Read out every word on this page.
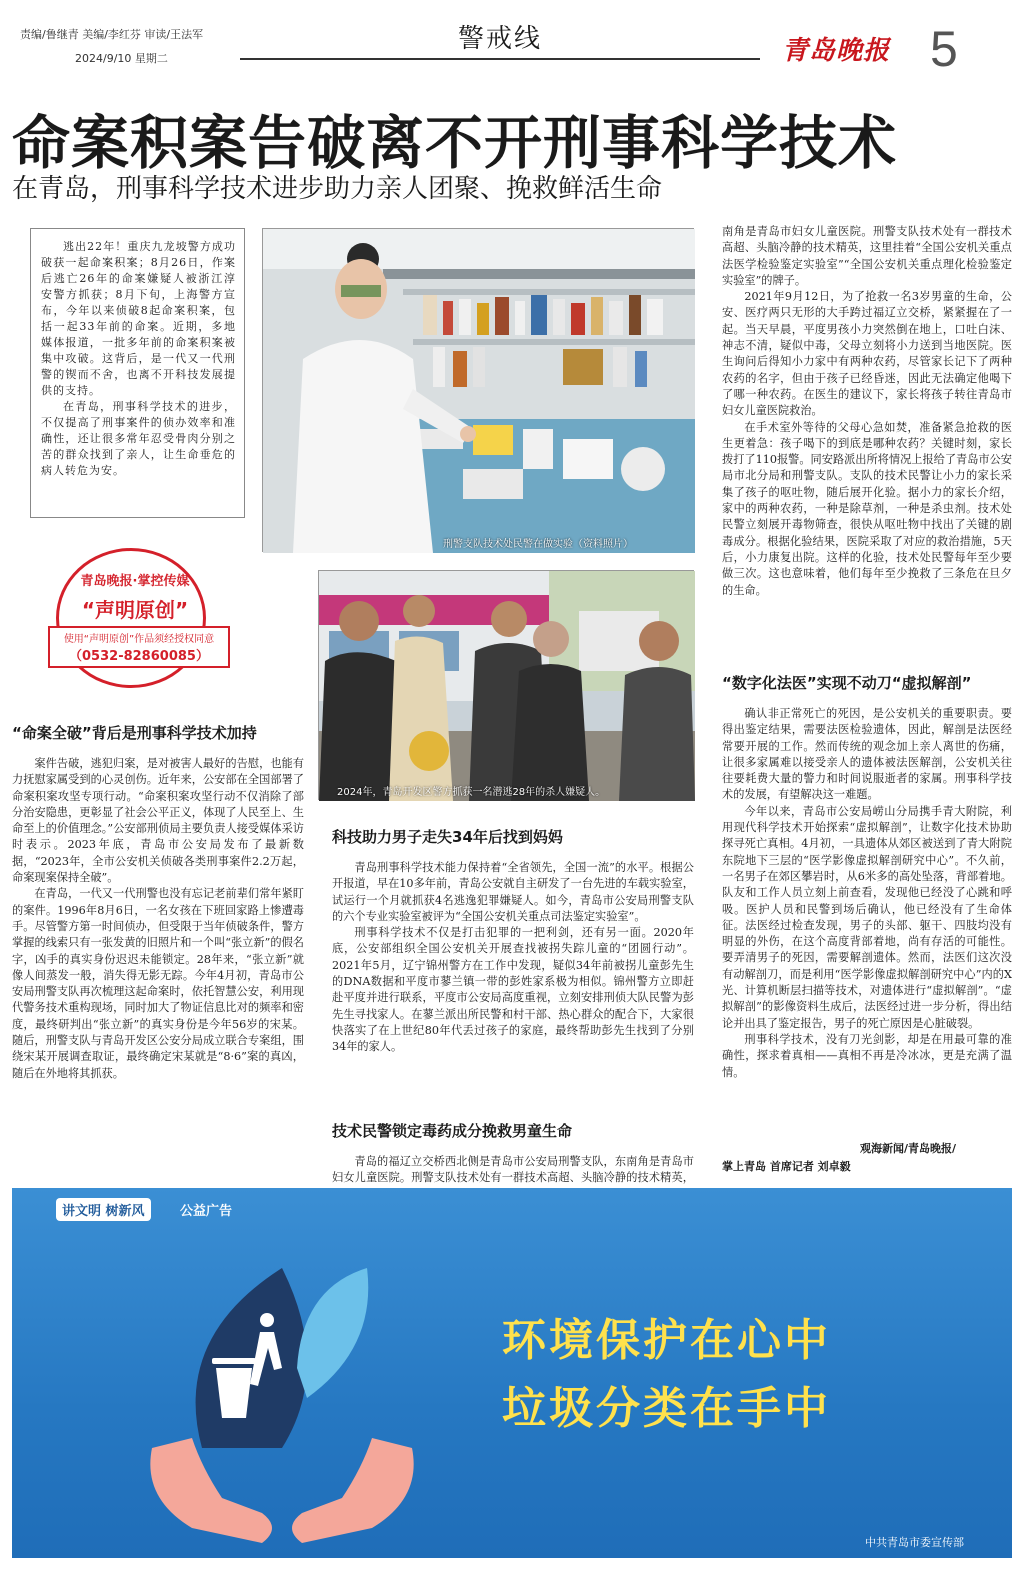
责编/鲁继青 美编/李红芬 审读/王法军
2024/9/10 星期二
警戒线	青岛晚报 5
命案积案告破离不开刑事科学技术
在青岛，刑事科学技术进步助力亲人团聚、挽救鲜活生命

逃出22年！重庆九龙坡警方成功破获一起命案积案；8月26日，作案后逃亡26年的命案嫌疑人被浙江淳安警方抓获；8月下旬，上海警方宣布，今年以来侦破8起命案积案，包括一起33年前的命案。近期，多地媒体报道，一批多年前的命案积案被集中攻破。这背后，是一代又一代刑警的锲而不舍，也离不开科技发展提供的支持。

在青岛，刑事科学技术的进步，不仅提高了刑事案件的侦办效率和准确性，还让很多常年忍受骨肉分别之苦的群众找到了亲人，让生命垂危的病人转危为安。

青岛晚报·掌控传媒
“声明原创”
使用“声明原创”作品须经授权同意
（0532-82860085）
刑警支队技术处民警在做实验（资料照片）
2024年，青岛开发区警方抓获一名潜逃28年的杀人嫌疑人。
“命案全破”背后是刑事科学技术加持

案件告破，逃犯归案，是对被害人最好的告慰，也能有力抚慰家属受到的心灵创伤。近年来，公安部在全国部署了命案积案攻坚专项行动。“命案积案攻坚行动不仅消除了部分治安隐患，更彰显了社会公平正义，体现了人民至上、生命至上的价值理念。”公安部刑侦局主要负责人接受媒体采访时表示。2023年底，青岛市公安局发布了最新数据，“2023年，全市公安机关侦破各类刑事案件2.2万起，命案现案保持全破”。

在青岛，一代又一代刑警也没有忘记老前辈们常年紧盯的案件。1996年8月6日，一名女孩在下班回家路上惨遭毒手。尽管警方第一时间侦办，但受限于当年侦破条件，警方掌握的线索只有一张发黄的旧照片和一个叫“张立新”的假名字，凶手的真实身份迟迟未能锁定。28年来，“张立新”就像人间蒸发一般，消失得无影无踪。今年4月初，青岛市公安局刑警支队再次梳理这起命案时，依托智慧公安，利用现代警务技术重构现场，同时加大了物证信息比对的频率和密度，最终研判出“张立新”的真实身份是今年56岁的宋某。随后，刑警支队与青岛开发区公安分局成立联合专案组，围绕宋某开展调查取证，最终确定宋某就是“8·6”案的真凶，随后在外地将其抓获。

科技助力男子走失34年后找到妈妈

青岛刑事科学技术能力保持着“全省领先，全国一流”的水平。根据公开报道，早在10多年前，青岛公安就自主研发了一台先进的车载实验室，试运行一个月就抓获4名逃逸犯罪嫌疑人。如今，青岛市公安局刑警支队的六个专业实验室被评为“全国公安机关重点司法鉴定实验室”。

刑事科学技术不仅是打击犯罪的一把利剑，还有另一面。2020年底，公安部组织全国公安机关开展查找被拐失踪儿童的“团圆行动”。2021年5月，辽宁锦州警方在工作中发现，疑似34年前被拐儿童彭先生的DNA数据和平度市蓼兰镇一带的彭姓家系极为相似。锦州警方立即赶赴平度并进行联系，平度市公安局高度重视，立刻安排刑侦大队民警为彭先生寻找家人。在蓼兰派出所民警和村干部、热心群众的配合下，大家很快落实了在上世纪80年代丢过孩子的家庭，最终帮助彭先生找到了分别34年的家人。

技术民警锁定毒药成分挽救男童生命

青岛的福辽立交桥西北侧是青岛市公安局刑警支队，东南角是青岛市妇女儿童医院。刑警支队技术处有一群技术高超、头脑冷静的技术精英，

南角是青岛市妇女儿童医院。刑警支队技术处有一群技术高超、头脑冷静的技术精英，这里挂着“全国公安机关重点法医学检验鉴定实验室”“全国公安机关重点理化检验鉴定实验室”的牌子。

2021年9月12日，为了抢救一名3岁男童的生命，公安、医疗两只无形的大手跨过福辽立交桥，紧紧握在了一起。当天早晨，平度男孩小力突然倒在地上，口吐白沫、神志不清，疑似中毒，父母立刻将小力送到当地医院。医生询问后得知小力家中有两种农药，尽管家长记下了两种农药的名字，但由于孩子已经昏迷，因此无法确定他喝下了哪一种农药。在医生的建议下，家长将孩子转往青岛市妇女儿童医院救治。

在手术室外等待的父母心急如焚，准备紧急抢救的医生更着急：孩子喝下的到底是哪种农药？关键时刻，家长拨打了110报警。同安路派出所将情况上报给了青岛市公安局市北分局和刑警支队。支队的技术民警让小力的家长采集了孩子的呕吐物，随后展开化验。据小力的家长介绍，家中的两种农药，一种是除草剂，一种是杀虫剂。技术处民警立刻展开毒物筛查，很快从呕吐物中找出了关键的剧毒成分。根据化验结果，医院采取了对应的救治措施，5天后，小力康复出院。这样的化验，技术处民警每年至少要做三次。这也意味着，他们每年至少挽救了三条危在旦夕的生命。

“数字化法医”实现不动刀“虚拟解剖”

确认非正常死亡的死因，是公安机关的重要职责。要得出鉴定结果，需要法医检验遗体，因此，解剖是法医经常要开展的工作。然而传统的观念加上亲人离世的伤痛，让很多家属难以接受亲人的遗体被法医解剖，公安机关往往要耗费大量的警力和时间说服逝者的家属。刑事科学技术的发展，有望解决这一难题。

今年以来，青岛市公安局崂山分局携手青大附院，利用现代科学技术开始探索“虚拟解剖”，让数字化技术协助探寻死亡真相。4月初，一具遗体从郊区被送到了青大附院东院地下三层的“医学影像虚拟解剖研究中心”。不久前，一名男子在郊区攀岩时，从6米多的高处坠落，背部着地。队友和工作人员立刻上前查看，发现他已经没了心跳和呼吸。医护人员和民警到场后确认，他已经没有了生命体征。法医经过检查发现，男子的头部、躯干、四肢均没有明显的外伤，在这个高度背部着地，尚有存活的可能性。要弄清男子的死因，需要解剖遗体。然而，法医们这次没有动解剖刀，而是利用“医学影像虚拟解剖研究中心”内的X光、计算机断层扫描等技术，对遗体进行“虚拟解剖”。“虚拟解剖”的影像资料生成后，法医经过进一步分析，得出结论并出具了鉴定报告，男子的死亡原因是心脏破裂。

刑事科学技术，没有刀光剑影，却是在用最可靠的准确性，探求着真相——真相不再是冷冰冰，更是充满了温情。

观海新闻/青岛晚报/
掌上青岛 首席记者 刘卓毅
讲文明 树新风	公益广告
环境保护在心中
垃圾分类在手中
中共青岛市委宣传部
